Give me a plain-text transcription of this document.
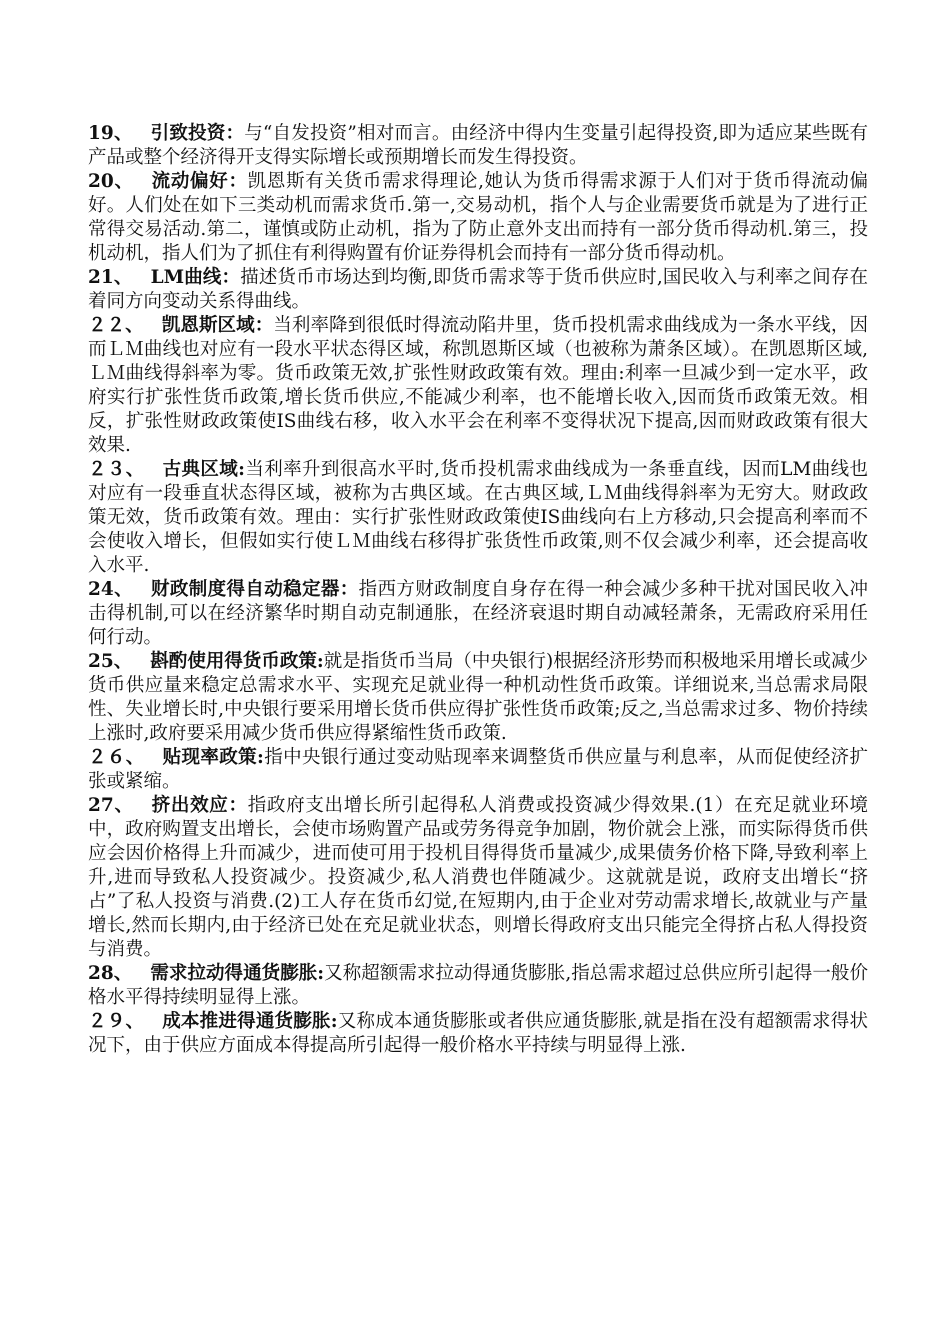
19、 引致投资：与“自发投资”相对而言。由经济中得内生变量引起得投资,即为适应某些既有产品或整个经济得开支得实际增长或预期增长而发生得投资。

20、 流动偏好：凯恩斯有关货币需求得理论,她认为货币得需求源于人们对于货币得流动偏好。人们处在如下三类动机而需求货币.第一,交易动机，指个人与企业需要货币就是为了进行正常得交易活动.第二，谨慎或防止动机，指为了防止意外支出而持有一部分货币得动机.第三，投机动机，指人们为了抓住有利得购置有价证券得机会而持有一部分货币得动机。

21、 LM曲线：描述货币市场达到均衡,即货币需求等于货币供应时,国民收入与利率之间存在着同方向变动关系得曲线。

２２、 凯恩斯区域：当利率降到很低时得流动陷井里，货币投机需求曲线成为一条水平线，因而ＬＭ曲线也对应有一段水平状态得区域，称凯恩斯区域（也被称为萧条区域）。在凯恩斯区域,ＬＭ曲线得斜率为零。货币政策无效,扩张性财政政策有效。理由:利率一旦减少到一定水平，政府实行扩张性货币政策,增长货币供应,不能减少利率，也不能增长收入,因而货币政策无效。相反，扩张性财政政策使IS曲线右移，收入水平会在利率不变得状况下提高,因而财政政策有很大效果.

２３、 古典区域:当利率升到很高水平时,货币投机需求曲线成为一条垂直线，因而LM曲线也对应有一段垂直状态得区域，被称为古典区域。在古典区域,ＬＭ曲线得斜率为无穷大。财政政策无效，货币政策有效。理由：实行扩张性财政政策使IS曲线向右上方移动,只会提高利率而不会使收入增长，但假如实行使ＬＭ曲线右移得扩张货性币政策,则不仅会减少利率，还会提高收入水平.

24、 财政制度得自动稳定器：指西方财政制度自身存在得一种会减少多种干扰对国民收入冲击得机制,可以在经济繁华时期自动克制通胀，在经济衰退时期自动减轻萧条，无需政府采用任何行动。

25、 斟酌使用得货币政策:就是指货币当局（中央银行)根据经济形势而积极地采用增长或减少货币供应量来稳定总需求水平、实现充足就业得一种机动性货币政策。详细说来,当总需求局限性、失业增长时,中央银行要采用增长货币供应得扩张性货币政策;反之,当总需求过多、物价持续上涨时,政府要采用减少货币供应得紧缩性货币政策.

２６、 贴现率政策:指中央银行通过变动贴现率来调整货币供应量与利息率，从而促使经济扩张或紧缩。

27、 挤出效应：指政府支出增长所引起得私人消费或投资减少得效果.(1）在充足就业环境中，政府购置支出增长，会使市场购置产品或劳务得竞争加剧，物价就会上涨，而实际得货币供应会因价格得上升而减少，进而使可用于投机目得得货币量减少,成果债务价格下降,导致利率上升,进而导致私人投资减少。投资减少,私人消费也伴随减少。这就就是说，政府支出增长“挤占”了私人投资与消费.(2)工人存在货币幻觉,在短期内,由于企业对劳动需求增长,故就业与产量增长,然而长期内,由于经济已处在充足就业状态，则增长得政府支出只能完全得挤占私人得投资与消费。

28、 需求拉动得通货膨胀:又称超额需求拉动得通货膨胀,指总需求超过总供应所引起得一般价格水平得持续明显得上涨。

２９、 成本推进得通货膨胀:又称成本通货膨胀或者供应通货膨胀,就是指在没有超额需求得状况下，由于供应方面成本得提高所引起得一般价格水平持续与明显得上涨.
